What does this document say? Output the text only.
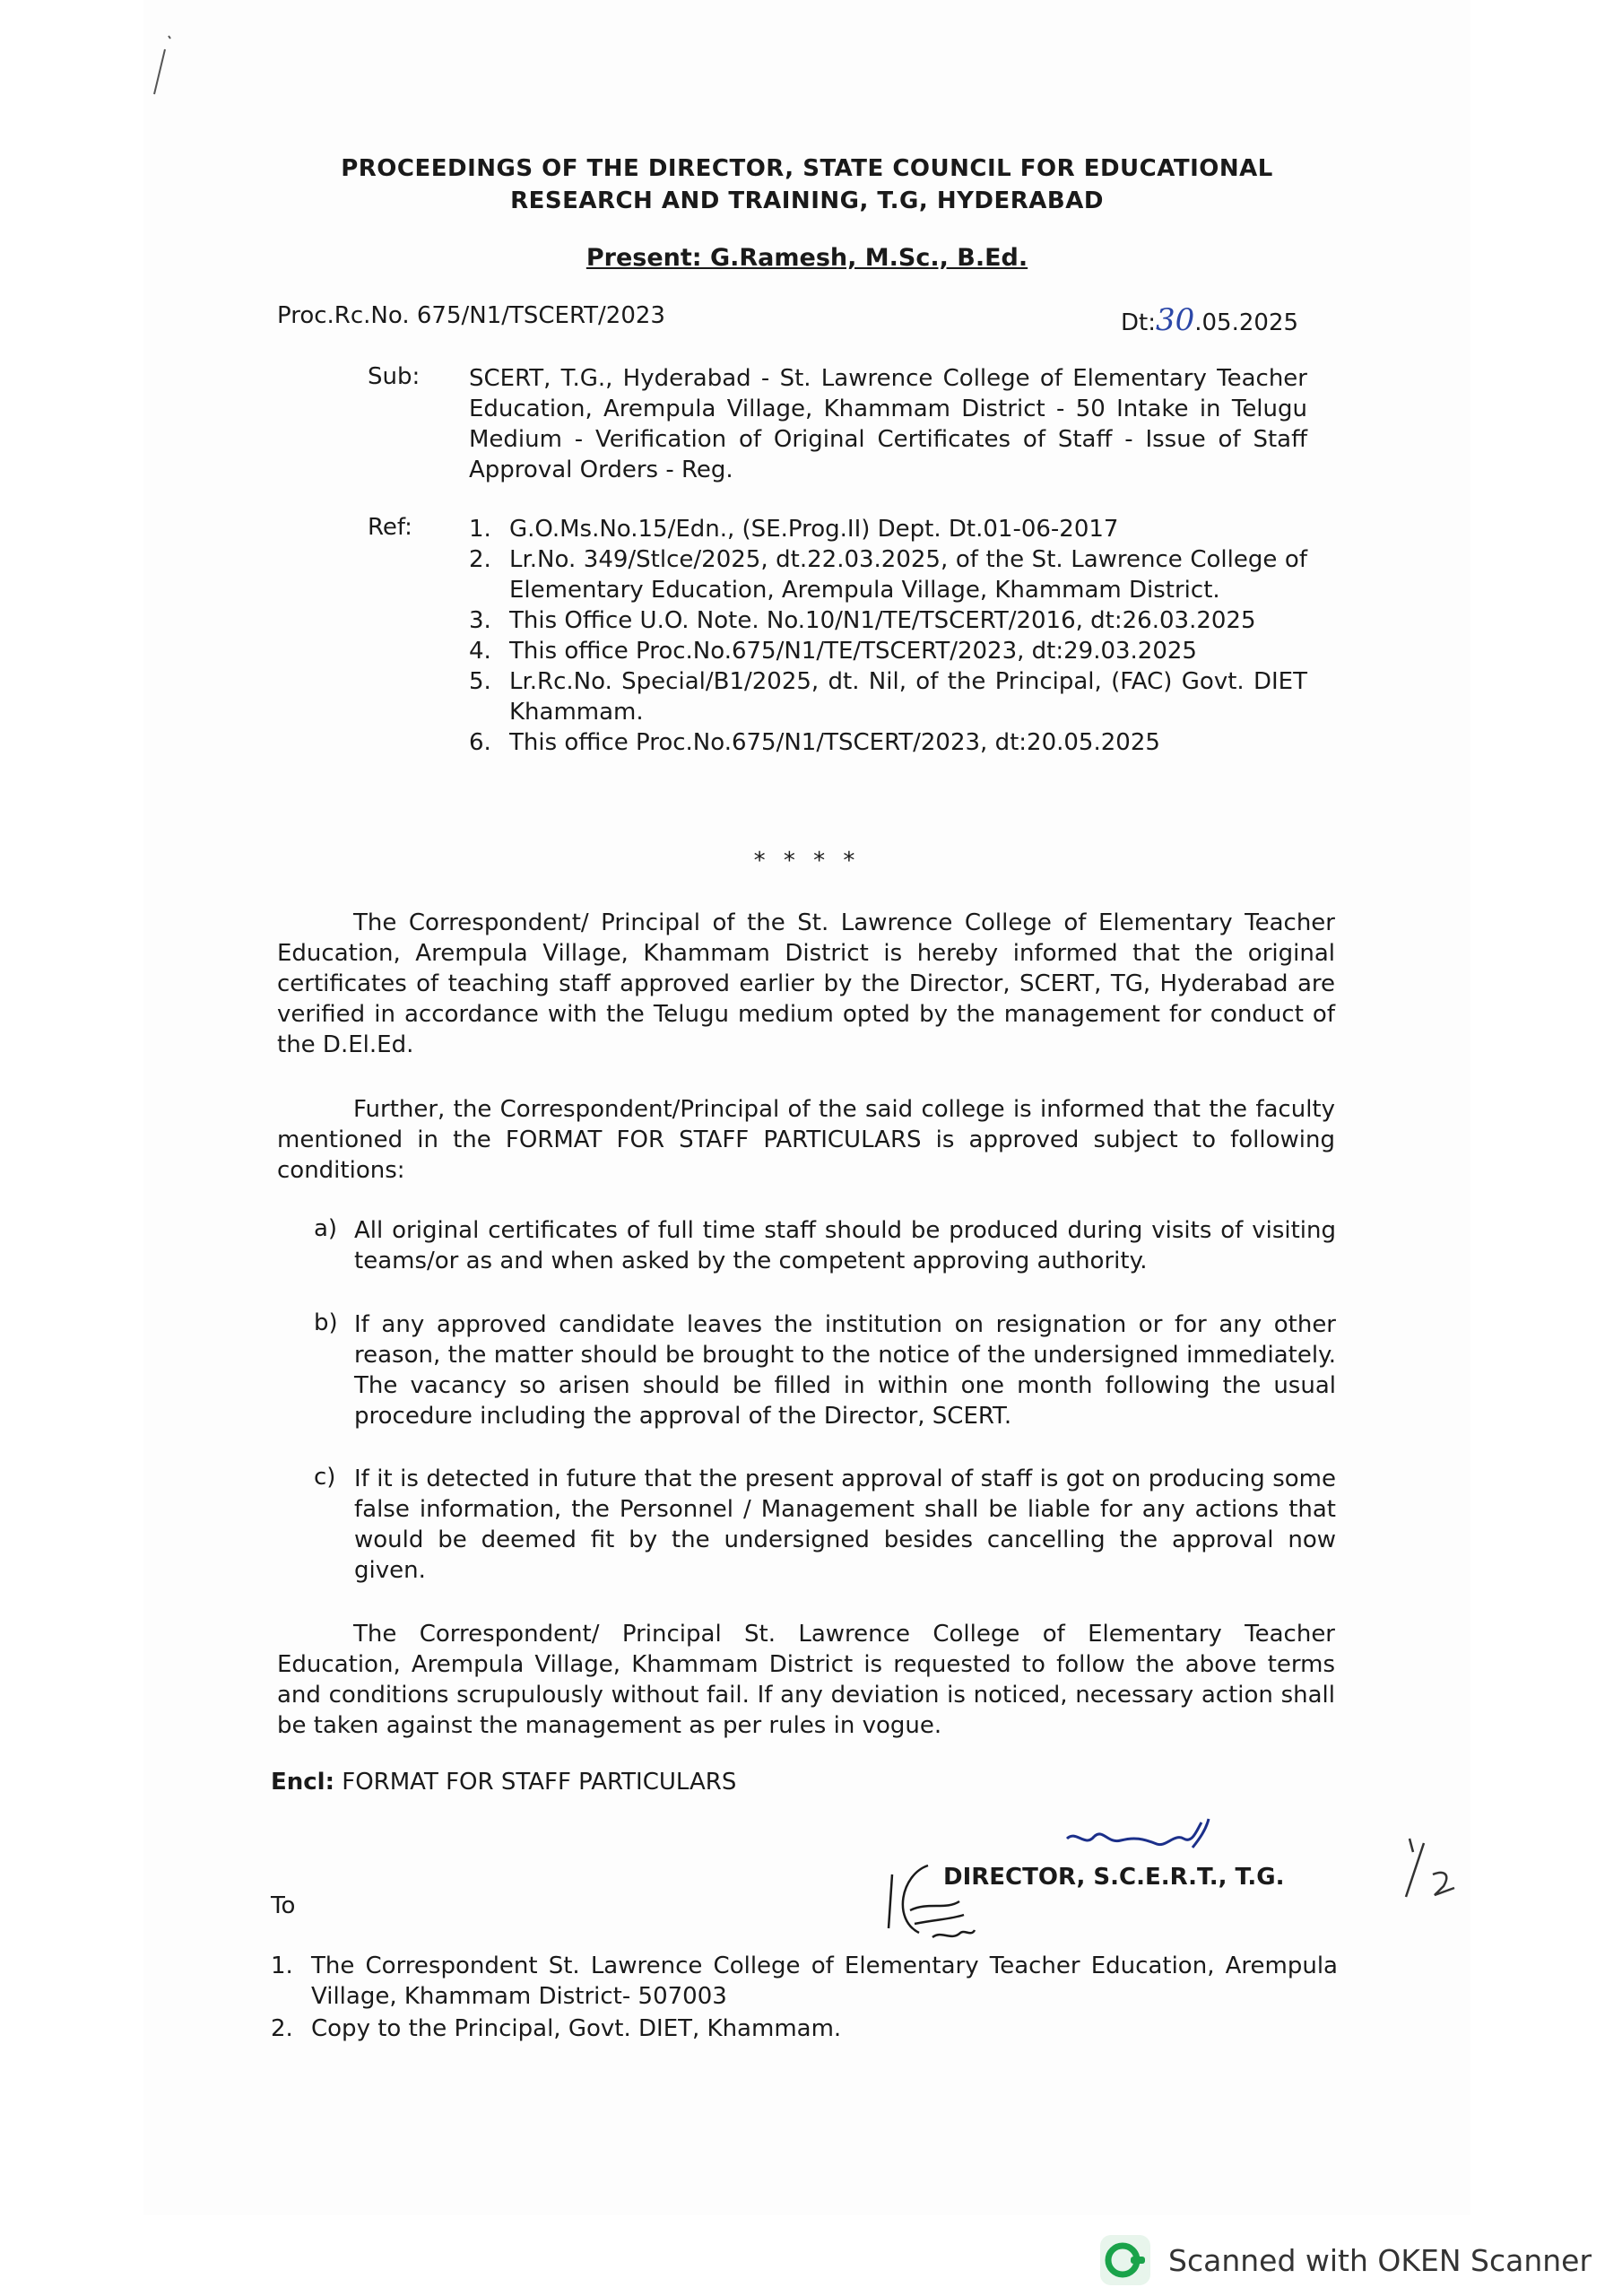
PROCEEDINGS OF THE DIRECTOR, STATE COUNCIL FOR EDUCATIONAL
RESEARCH AND TRAINING, T.G, HYDERABAD
Present: G.Ramesh, M.Sc., B.Ed.
Proc.Rc.No. 675/N1/TSCERT/2023	Dt:30.05.2025
Sub: SCERT, T.G., Hyderabad - St. Lawrence College of Elementary Teacher Education, Arempula Village, Khammam District - 50 Intake in Telugu Medium - Verification of Original Certificates of Staff - Issue of Staff Approval Orders - Reg.
Ref: 1. G.O.Ms.No.15/Edn., (SE.Prog.II) Dept. Dt.01-06-2017
2. Lr.No. 349/Stlce/2025, dt.22.03.2025, of the St. Lawrence College of Elementary Education, Arempula Village, Khammam District.
3. This Office U.O. Note. No.10/N1/TE/TSCERT/2016, dt:26.03.2025
4. This office Proc.No.675/N1/TE/TSCERT/2023, dt:29.03.2025
5. Lr.Rc.No. Special/B1/2025, dt. Nil, of the Principal, (FAC) Govt. DIET Khammam.
6. This office Proc.No.675/N1/TSCERT/2023, dt:20.05.2025
* * * *

The Correspondent/ Principal of the St. Lawrence College of Elementary Teacher Education, Arempula Village, Khammam District is hereby informed that the original certificates of teaching staff approved earlier by the Director, SCERT, TG, Hyderabad are verified in accordance with the Telugu medium opted by the management for conduct of the D.El.Ed.

Further, the Correspondent/Principal of the said college is informed that the faculty mentioned in the FORMAT FOR STAFF PARTICULARS is approved subject to following conditions:

a) All original certificates of full time staff should be produced during visits of visiting teams/or as and when asked by the competent approving authority.
b) If any approved candidate leaves the institution on resignation or for any other reason, the matter should be brought to the notice of the undersigned immediately. The vacancy so arisen should be filled in within one month following the usual procedure including the approval of the Director, SCERT.
c) If it is detected in future that the present approval of staff is got on producing some false information, the Personnel / Management shall be liable for any actions that would be deemed fit by the undersigned besides cancelling the approval now given.

The Correspondent/ Principal St. Lawrence College of Elementary Teacher Education, Arempula Village, Khammam District is requested to follow the above terms and conditions scrupulously without fail. If any deviation is noticed, necessary action shall be taken against the management as per rules in vogue.

Encl: FORMAT FOR STAFF PARTICULARS
DIRECTOR, S.C.E.R.T., T.G.
To
1. The Correspondent St. Lawrence College of Elementary Teacher Education, Arempula Village, Khammam District- 507003
2. Copy to the Principal, Govt. DIET, Khammam.
Scanned with OKEN Scanner
